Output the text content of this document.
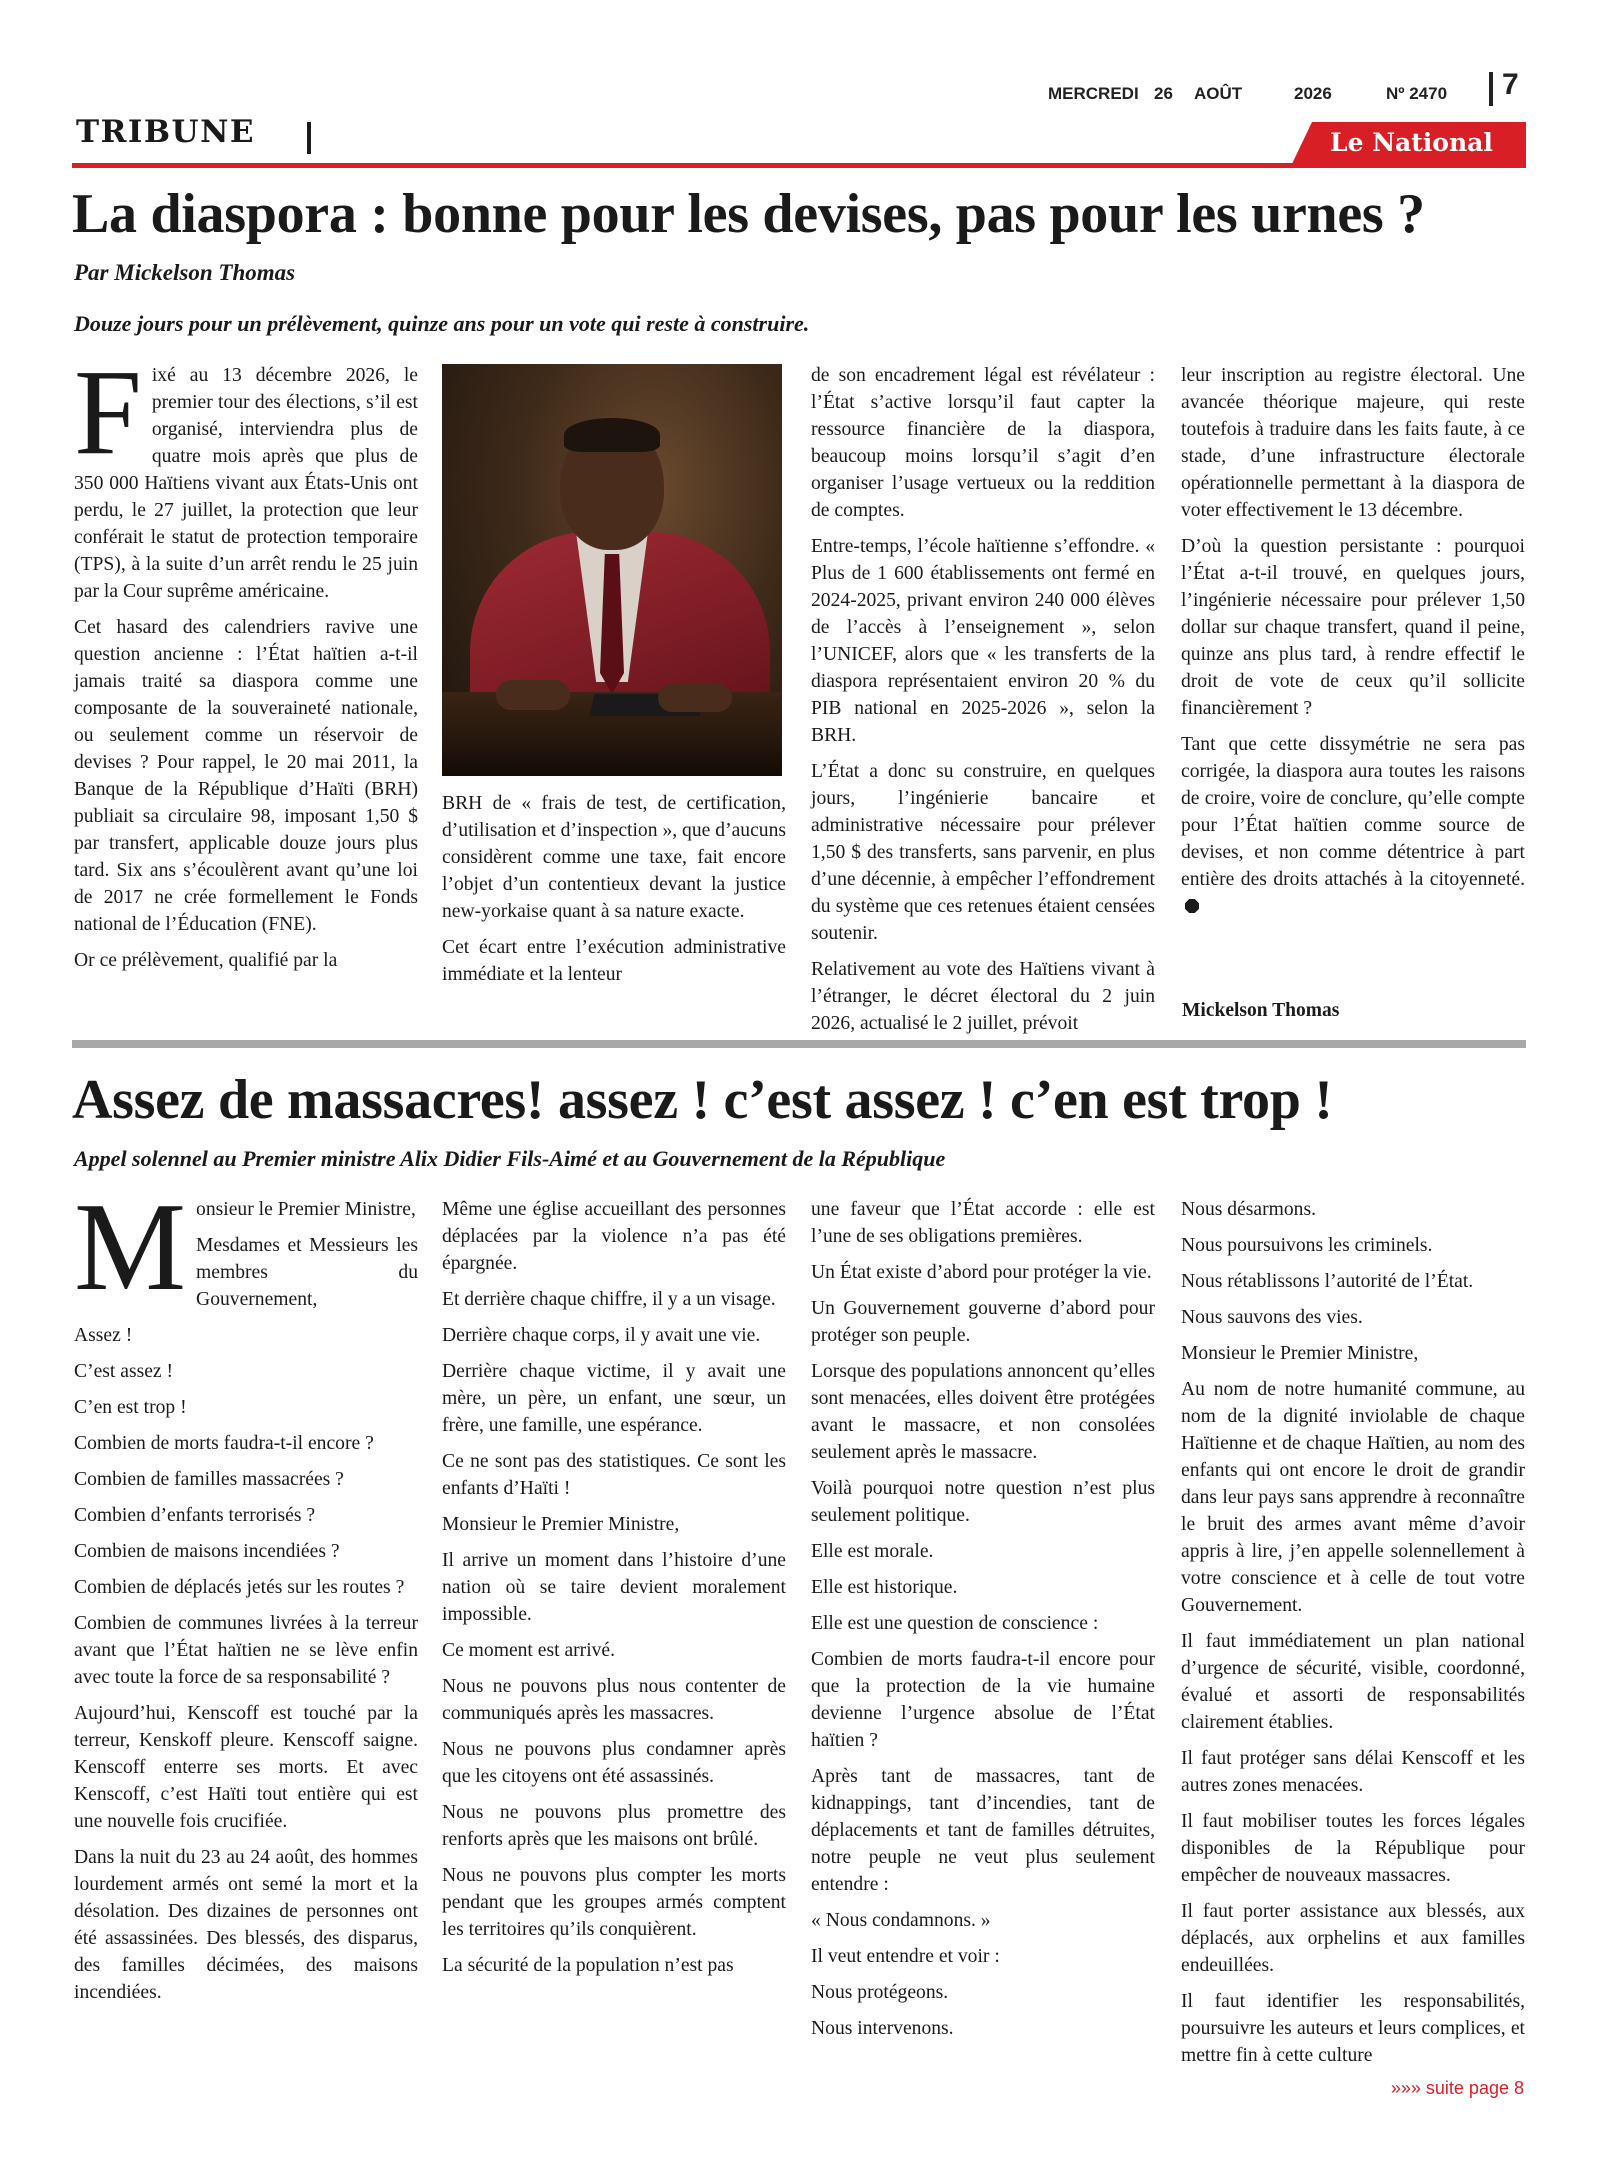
MERCREDI 26 AOÛT	2026	Nº 2470 7
TRIBUNE	Le National
La diaspora : bonne pour les devises, pas pour les urnes ?
Par Mickelson Thomas
Douze jours pour un prélèvement, quinze ans pour un vote qui reste à construire.

Fixé au 13 décembre 2026, le premier tour des élections, s’il est organisé, interviendra plus de quatre mois après que plus de 350 000 Haïtiens vivant aux États-Unis ont perdu, le 27 juillet, la protection que leur conférait le statut de protection temporaire (TPS), à la suite d’un arrêt rendu le 25 juin par la Cour suprême américaine.

Cet hasard des calendriers ravive une question ancienne : l’État haïtien a-t-il jamais traité sa diaspora comme une composante de la souveraineté nationale, ou seulement comme un réservoir de devises ? Pour rappel, le 20 mai 2011, la Banque de la République d’Haïti (BRH) publiait sa circulaire 98, imposant 1,50 $ par transfert, applicable douze jours plus tard. Six ans s’écoulèrent avant qu’une loi de 2017 ne crée formellement le Fonds national de l’Éducation (FNE).

Or ce prélèvement, qualifié par la

BRH de « frais de test, de certification, d’utilisation et d’inspection », que d’aucuns considèrent comme une taxe, fait encore l’objet d’un contentieux devant la justice new-yorkaise quant à sa nature exacte.

Cet écart entre l’exécution administrative immédiate et la lenteur

de son encadrement légal est révélateur : l’État s’active lorsqu’il faut capter la ressource financière de la diaspora, beaucoup moins lorsqu’il s’agit d’en organiser l’usage vertueux ou la reddition de comptes.

Entre-temps, l’école haïtienne s’effondre. « Plus de 1 600 établissements ont fermé en 2024-2025, privant environ 240 000 élèves de l’accès à l’enseignement », selon l’UNICEF, alors que « les transferts de la diaspora représentaient environ 20 % du PIB national en 2025-2026 », selon la BRH.

L’État a donc su construire, en quelques jours, l’ingénierie bancaire et administrative nécessaire pour prélever 1,50 $ des transferts, sans parvenir, en plus d’une décennie, à empêcher l’effondrement du système que ces retenues étaient censées soutenir.

Relativement au vote des Haïtiens vivant à l’étranger, le décret électoral du 2 juin 2026, actualisé le 2 juillet, prévoit

leur inscription au registre électoral. Une avancée théorique majeure, qui reste toutefois à traduire dans les faits faute, à ce stade, d’une infrastructure électorale opérationnelle permettant à la diaspora de voter effectivement le 13 décembre.

D’où la question persistante : pourquoi l’État a-t-il trouvé, en quelques jours, l’ingénierie nécessaire pour prélever 1,50 dollar sur chaque transfert, quand il peine, quinze ans plus tard, à rendre effectif le droit de vote de ceux qu’il sollicite financièrement ?

Tant que cette dissymétrie ne sera pas corrigée, la diaspora aura toutes les raisons de croire, voire de conclure, qu’elle compte pour l’État haïtien comme source de devises, et non comme détentrice à part entière des droits attachés à la citoyenneté.

Mickelson Thomas
Assez de massacres! assez ! c’est assez ! c’en est trop !
Appel solennel au Premier ministre Alix Didier Fils-Aimé et au Gouvernement de la République

Monsieur le Premier Ministre,

Mesdames et Messieurs les membres du Gouvernement,

Assez !

C’est assez !

C’en est trop !

Combien de morts faudra-t-il encore ?

Combien de familles massacrées ?

Combien d’enfants terrorisés ?

Combien de maisons incendiées ?

Combien de déplacés jetés sur les routes ?

Combien de communes livrées à la terreur avant que l’État haïtien ne se lève enfin avec toute la force de sa responsabilité ?

Aujourd’hui, Kenscoff est touché par la terreur, Kenskoff pleure. Kenscoff saigne. Kenscoff enterre ses morts. Et avec Kenscoff, c’est Haïti tout entière qui est une nouvelle fois crucifiée.

Dans la nuit du 23 au 24 août, des hommes lourdement armés ont semé la mort et la désolation. Des dizaines de personnes ont été assassinées. Des blessés, des disparus, des familles décimées, des maisons incendiées.

Même une église accueillant des personnes déplacées par la violence n’a pas été épargnée.

Et derrière chaque chiffre, il y a un visage.

Derrière chaque corps, il y avait une vie.

Derrière chaque victime, il y avait une mère, un père, un enfant, une sœur, un frère, une famille, une espérance.

Ce ne sont pas des statistiques. Ce sont les enfants d’Haïti !

Monsieur le Premier Ministre,

Il arrive un moment dans l’histoire d’une nation où se taire devient moralement impossible.

Ce moment est arrivé.

Nous ne pouvons plus nous contenter de communiqués après les massacres.

Nous ne pouvons plus condamner après que les citoyens ont été assassinés.

Nous ne pouvons plus promettre des renforts après que les maisons ont brûlé.

Nous ne pouvons plus compter les morts pendant que les groupes armés comptent les territoires qu’ils conquièrent.

La sécurité de la population n’est pas

une faveur que l’État accorde : elle est l’une de ses obligations premières.

Un État existe d’abord pour protéger la vie.

Un Gouvernement gouverne d’abord pour protéger son peuple.

Lorsque des populations annoncent qu’elles sont menacées, elles doivent être protégées avant le massacre, et non consolées seulement après le massacre.

Voilà pourquoi notre question n’est plus seulement politique.

Elle est morale.

Elle est historique.

Elle est une question de conscience :

Combien de morts faudra-t-il encore pour que la protection de la vie humaine devienne l’urgence absolue de l’État haïtien ?

Après tant de massacres, tant de kidnappings, tant d’incendies, tant de déplacements et tant de familles détruites, notre peuple ne veut plus seulement entendre :

« Nous condamnons. »

Il veut entendre et voir :

Nous protégeons.

Nous intervenons.

Nous désarmons.

Nous poursuivons les criminels.

Nous rétablissons l’autorité de l’État.

Nous sauvons des vies.

Monsieur le Premier Ministre,

Au nom de notre humanité commune, au nom de la dignité inviolable de chaque Haïtienne et de chaque Haïtien, au nom des enfants qui ont encore le droit de grandir dans leur pays sans apprendre à reconnaître le bruit des armes avant même d’avoir appris à lire, j’en appelle solennellement à votre conscience et à celle de tout votre Gouvernement.

Il faut immédiatement un plan national d’urgence de sécurité, visible, coordonné, évalué et assorti de responsabilités clairement établies.

Il faut protéger sans délai Kenscoff et les autres zones menacées.

Il faut mobiliser toutes les forces légales disponibles de la République pour empêcher de nouveaux massacres.

Il faut porter assistance aux blessés, aux déplacés, aux orphelins et aux familles endeuillées.

Il faut identifier les responsabilités, poursuivre les auteurs et leurs complices, et mettre fin à cette culture

»»» suite page 8
